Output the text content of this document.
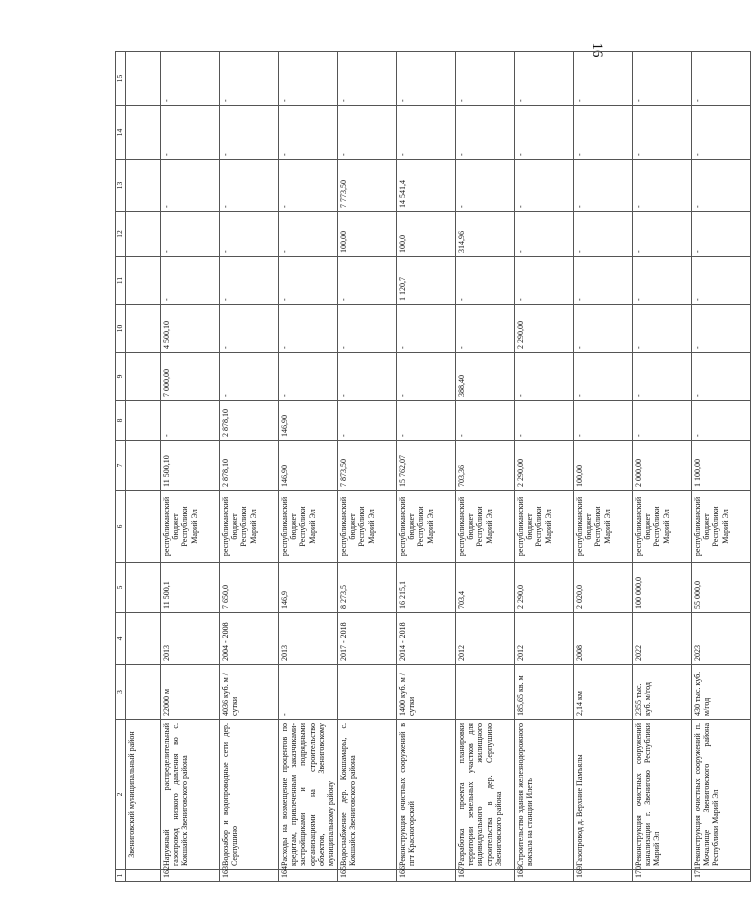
16
1	2	3	4	5	6	7	8	9	10	11	12	13	14	15
	Звениговский муниципальный район													
162	Наружный распределительный газопровод низкого давления во с. Кокшайск Звениговского района	22000 м	2013	11 500,1	республиканский бюджет Республики Марий Эл	11 500,10	-	7 000,00	4 500,10	-	-	-	-	-
163	Водозабор и водопроводные сети дер. Серпушино	4036 куб. м / сутки	2004 - 2008	7 650,0	республиканский бюджет Республики Марий Эл	2 878,10	2 878,10	-	-	-	-	-	-	-
164	Расходы на возмещение процентов по кредитам, привлеченным заказчиками-застройщиками и подрядными организациями на строительство объектов, Звениговскому муниципальному району	-	2013	146,9	республиканский бюджет Республики Марий Эл	146,90	146,90	-	-	-	-	-	-	-
165	Водоснабжение дер. Кокшамары, с. Кокшайск Звениговского района		2017 - 2018	8 273,5	республиканский бюджет Республики Марий Эл	7 873,50	-	-	-	-	100,00	7 773,50	-	-
166	Реконструкция очистных сооружений в пгт Красногорский	1400 куб. м /сутки	2014 - 2018	16 215,1	республиканский бюджет Республики Марий Эл	15 762,07	-	-	-	1 120,7	100,0	14 541,4	-	-
167	Разработка проекта планировки территории земельных участков для индивидуального жилищного строительства в дер. Серпушино Звениговского района		2012	703,4	республиканский бюджет Республики Марий Эл	703,36	-	388,40	-	-	314,96	-	-	-
168	Строительство здания железнодорожного вокзала на станции Илеть	185,65 кв. м	2012	2 290,0	республиканский бюджет Республики Марий Эл	2 290,00	-	-	2 290,00	-	-	-	-	-
169	Газопровод д. Верхние Памъялы	2,14 км	2008	2 020,0	республиканский бюджет Республики Марий Эл	100,00	-	-	-	-	-	-	-	-
170	Реконструкция очистных сооружений канализации г. Звенигово Республики Марий Эл	2355 тыс. куб. м/год	2022	100 000,0	республиканский бюджет Республики Марий Эл	2 000,00	-	-	-	-	-	-	-	-
171	Реконструкция очистных сооружений п. Мочалище Звениговского района Республики Марий Эл	430 тыс. куб. м/год	2023	55 000,0	республиканский бюджет Республики Марий Эл	1 100,00	-	-	-	-	-	-	-	-
